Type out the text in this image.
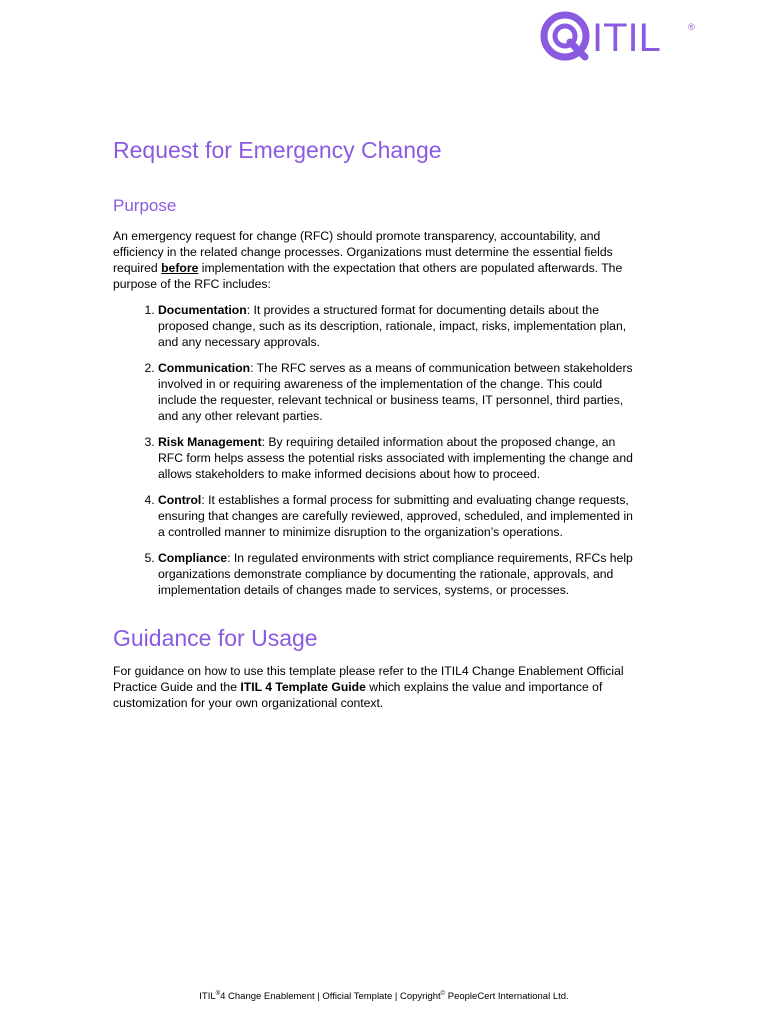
ITIL	®
Request for Emergency Change
Purpose

An emergency request for change (RFC) should promote transparency, accountability, and efficiency in the related change processes. Organizations must determine the essential fields required before implementation with the expectation that others are populated afterwards. The purpose of the RFC includes:

1. Documentation: It provides a structured format for documenting details about the proposed change, such as its description, rationale, impact, risks, implementation plan, and any necessary approvals.
2. Communication: The RFC serves as a means of communication between stakeholders involved in or requiring awareness of the implementation of the change. This could include the requester, relevant technical or business teams, IT personnel, third parties, and any other relevant parties.
3. Risk Management: By requiring detailed information about the proposed change, an RFC form helps assess the potential risks associated with implementing the change and allows stakeholders to make informed decisions about how to proceed.
4. Control: It establishes a formal process for submitting and evaluating change requests, ensuring that changes are carefully reviewed, approved, scheduled, and implemented in a controlled manner to minimize disruption to the organization’s operations.
5. Compliance: In regulated environments with strict compliance requirements, RFCs help organizations demonstrate compliance by documenting the rationale, approvals, and implementation details of changes made to services, systems, or processes.
Guidance for Usage

For guidance on how to use this template please refer to the ITIL4 Change Enablement Official Practice Guide and the ITIL 4 Template Guide which explains the value and importance of customization for your own organizational context.

ITIL®4 Change Enablement | Official Template | Copyright© PeopleCert International Ltd.
